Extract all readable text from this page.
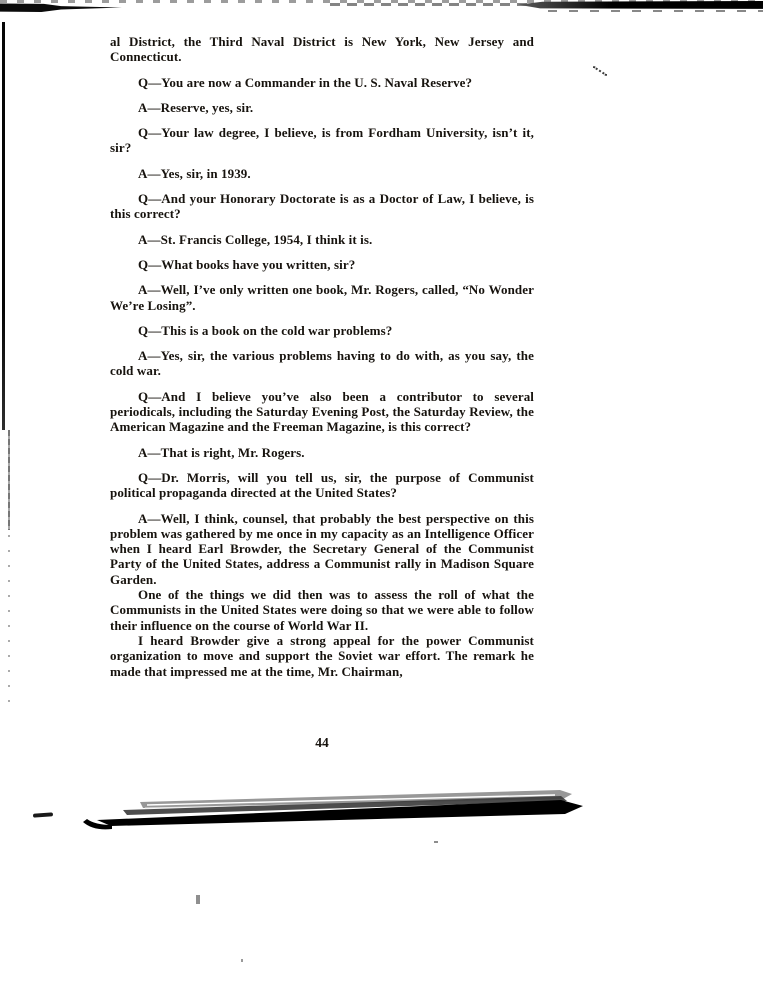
al District, the Third Naval District is New York, New Jersey and Connecticut.

Q—You are now a Commander in the U. S. Naval Reserve?

A—Reserve, yes, sir.

Q—Your law degree, I believe, is from Fordham University, isn’t it, sir?

A—Yes, sir, in 1939.

Q—And your Honorary Doctorate is as a Doctor of Law, I believe, is this correct?

A—St. Francis College, 1954, I think it is.

Q—What books have you written, sir?

A—Well, I’ve only written one book, Mr. Rogers, called, “No Wonder We’re Losing”.

Q—This is a book on the cold war problems?

A—Yes, sir, the various problems having to do with, as you say, the cold war.

Q—And I believe you’ve also been a contributor to several periodicals, including the Saturday Evening Post, the Saturday Review, the American Magazine and the Freeman Magazine, is this correct?

A—That is right, Mr. Rogers.

Q—Dr. Morris, will you tell us, sir, the purpose of Communist political propaganda directed at the United States?

A—Well, I think, counsel, that probably the best perspective on this problem was gathered by me once in my capacity as an Intelligence Officer when I heard Earl Browder, the Secretary General of the Communist Party of the United States, address a Communist rally in Madison Square Garden.

One of the things we did then was to assess the roll of what the Communists in the United States were doing so that we were able to follow their influence on the course of World War II.

I heard Browder give a strong appeal for the power Communist organization to move and support the Soviet war effort. The remark he made that impressed me at the time, Mr. Chairman,

44
